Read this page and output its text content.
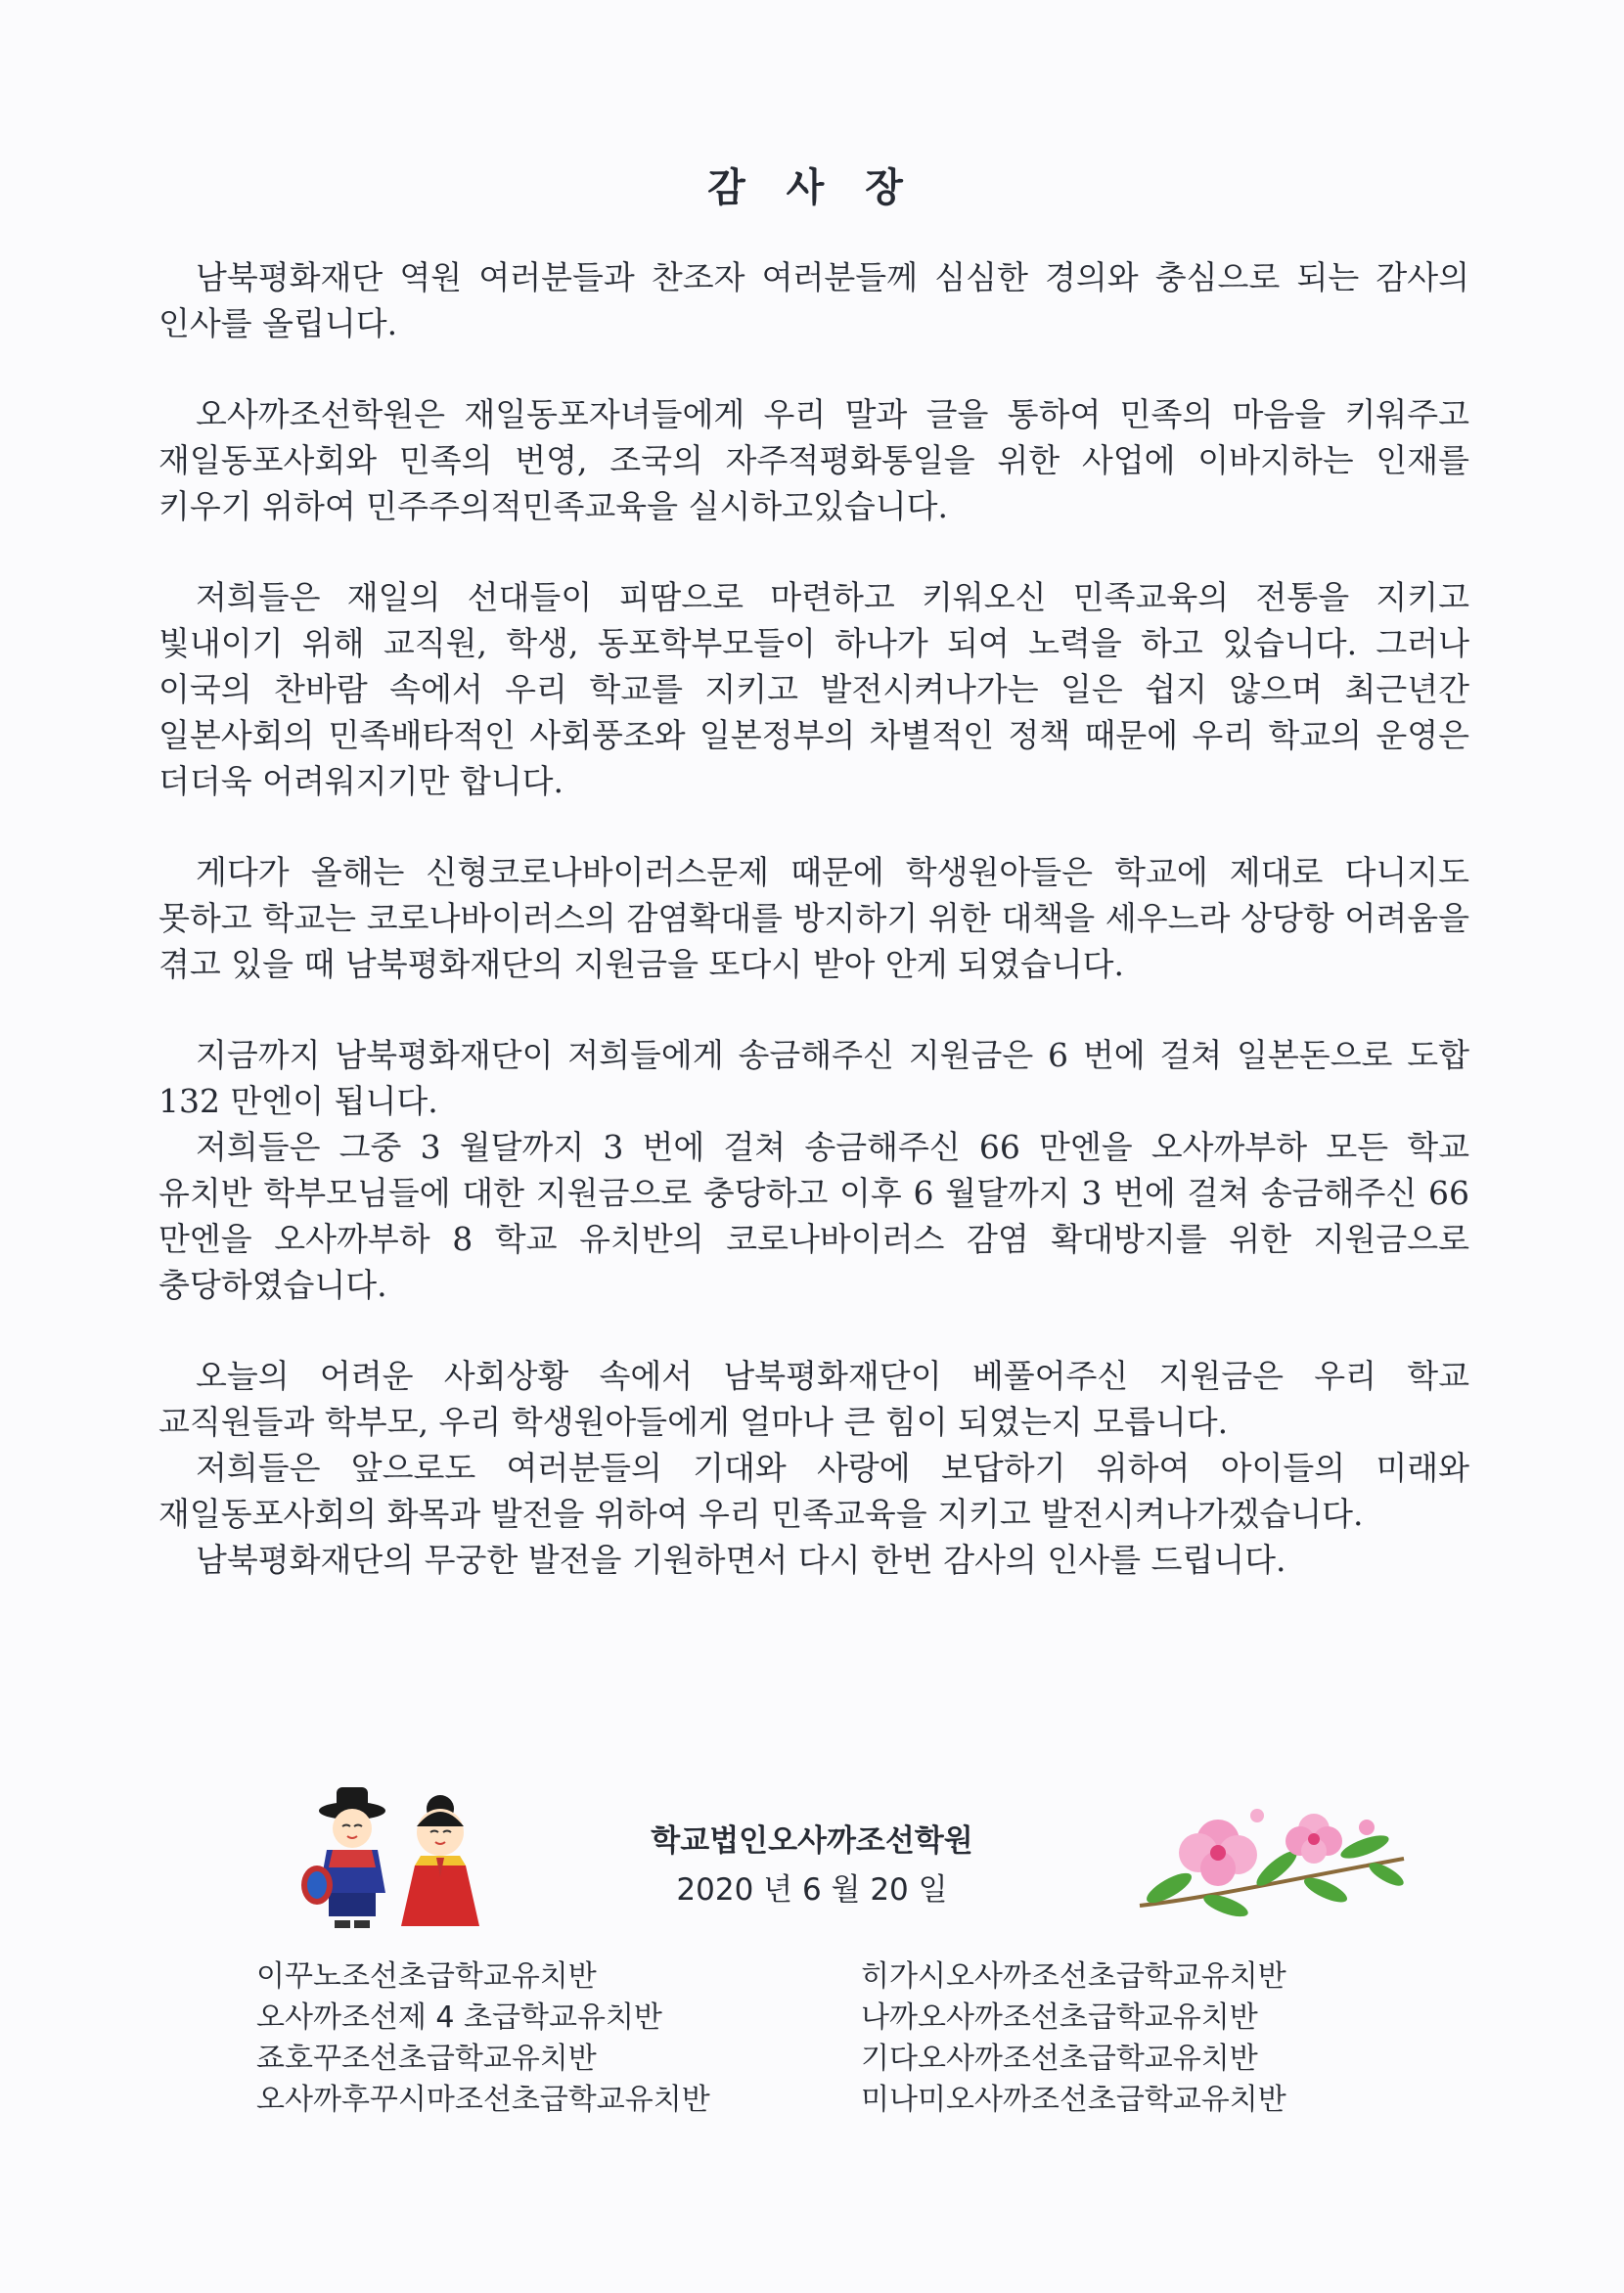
감 사 장

남북평화재단 역원 여러분들과 찬조자 여러분들께 심심한 경의와 충심으로 되는 감사의 인사를 올립니다.

오사까조선학원은 재일동포자녀들에게 우리 말과 글을 통하여 민족의 마음을 키워주고 재일동포사회와 민족의 번영, 조국의 자주적평화통일을 위한 사업에 이바지하는 인재를 키우기 위하여 민주주의적민족교육을 실시하고있습니다.

저희들은 재일의 선대들이 피땀으로 마련하고 키워오신 민족교육의 전통을 지키고 빛내이기 위해 교직원, 학생, 동포학부모들이 하나가 되여 노력을 하고 있습니다. 그러나 이국의 찬바람 속에서 우리 학교를 지키고 발전시켜나가는 일은 쉽지 않으며 최근년간 일본사회의 민족배타적인 사회풍조와 일본정부의 차별적인 정책 때문에 우리 학교의 운영은 더더욱 어려워지기만 합니다.

게다가 올해는 신형코로나바이러스문제 때문에 학생원아들은 학교에 제대로 다니지도 못하고 학교는 코로나바이러스의 감염확대를 방지하기 위한 대책을 세우느라 상당항 어려움을 겪고 있을 때 남북평화재단의 지원금을 또다시 받아 안게 되였습니다.

지금까지 남북평화재단이 저희들에게 송금해주신 지원금은 6 번에 걸쳐 일본돈으로 도합 132 만엔이 됩니다.

저희들은 그중 3 월달까지 3 번에 걸쳐 송금해주신 66 만엔을 오사까부하 모든 학교 유치반 학부모님들에 대한 지원금으로 충당하고 이후 6 월달까지 3 번에 걸쳐 송금해주신 66 만엔을 오사까부하 8 학교 유치반의 코로나바이러스 감염 확대방지를 위한 지원금으로 충당하였습니다.

오늘의 어려운 사회상황 속에서 남북평화재단이 베풀어주신 지원금은 우리 학교 교직원들과 학부모, 우리 학생원아들에게 얼마나 큰 힘이 되였는지 모릅니다.

저희들은 앞으로도 여러분들의 기대와 사랑에 보답하기 위하여 아이들의 미래와 재일동포사회의 화목과 발전을 위하여 우리 민족교육을 지키고 발전시켜나가겠습니다.

남북평화재단의 무궁한 발전을 기원하면서 다시 한번 감사의 인사를 드립니다.

학교법인오사까조선학원
2020 년 6 월 20 일
이꾸노조선초급학교유치반
오사까조선제 4 초급학교유치반
죠호꾸조선초급학교유치반
오사까후꾸시마조선초급학교유치반
히가시오사까조선초급학교유치반
나까오사까조선초급학교유치반
기다오사까조선초급학교유치반
미나미오사까조선초급학교유치반
